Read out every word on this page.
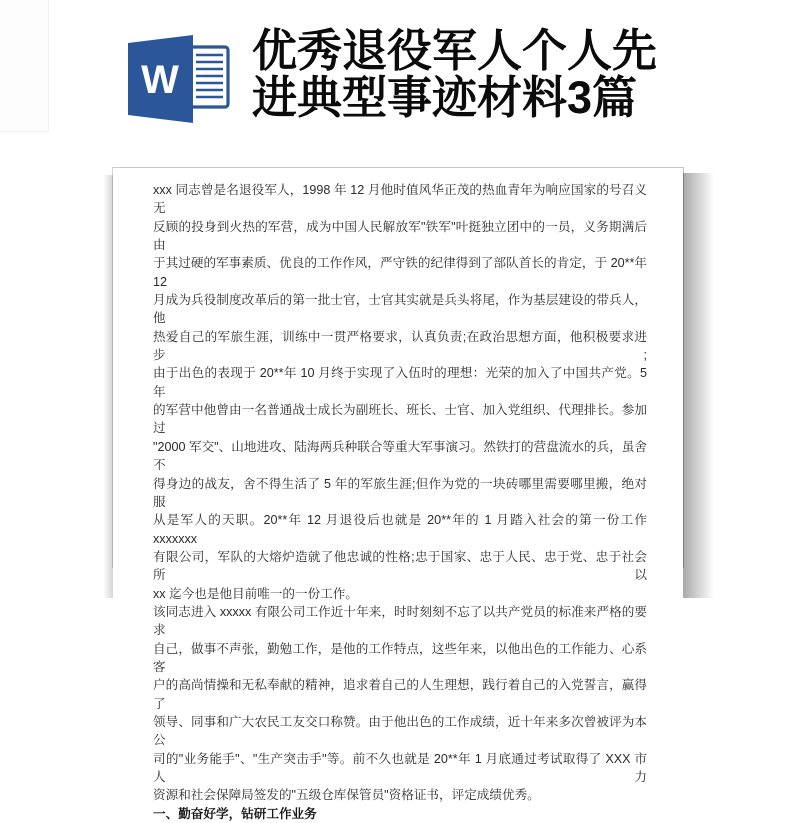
W
优秀退役军人个人先
进典型事迹材料3篇
xxx 同志曾是名退役军人，1998 年 12 月他时值风华正茂的热血青年为响应国家的号召义无
反顾的投身到火热的军营，成为中国人民解放军"铁军"叶挺独立团中的一员，义务期满后由
于其过硬的军事素质、优良的工作作风，严守铁的纪律得到了部队首长的肯定，于 20**年 12
月成为兵役制度改革后的第一批士官，士官其实就是兵头将尾，作为基层建设的带兵人，他
热爱自己的军旅生涯，训练中一贯严格要求，认真负责;在政治思想方面，他积极要求进步;
由于出色的表现于 20**年 10 月终于实现了入伍时的理想：光荣的加入了中国共产党。5 年
的军营中他曾由一名普通战士成长为副班长、班长、士官、加入党组织、代理排长。参加过
"2000 军交"、山地进攻、陆海两兵种联合等重大军事演习。然铁打的营盘流水的兵，虽舍不
得身边的战友，舍不得生活了 5 年的军旅生涯;但作为党的一块砖哪里需要哪里搬，绝对服
从是军人的天职。20**年 12 月退役后也就是 20**年的 1 月踏入社会的第一份工作 xxxxxxx
有限公司，军队的大熔炉造就了他忠诚的性格;忠于国家、忠于人民、忠于党、忠于社会所以
xx 迄今也是他目前唯一的一份工作。
该同志进入 xxxxx 有限公司工作近十年来，时时刻刻不忘了以共产党员的标准来严格的要求
自己，做事不声张，勤勉工作，是他的工作特点，这些年来，以他出色的工作能力、心系客
户的高尚情操和无私奉献的精神，追求着自己的人生理想，践行着自己的入党誓言，赢得了
领导、同事和广大农民工友交口称赞。由于他出色的工作成绩，近十年来多次曾被评为本公
司的"业务能手"、"生产突击手"等。前不久也就是 20**年 1 月底通过考试取得了 XXX 市人力
资源和社会保障局签发的"五级仓库保管员"资格证书，评定成绩优秀。
一、勤奋好学，钻研工作业务
